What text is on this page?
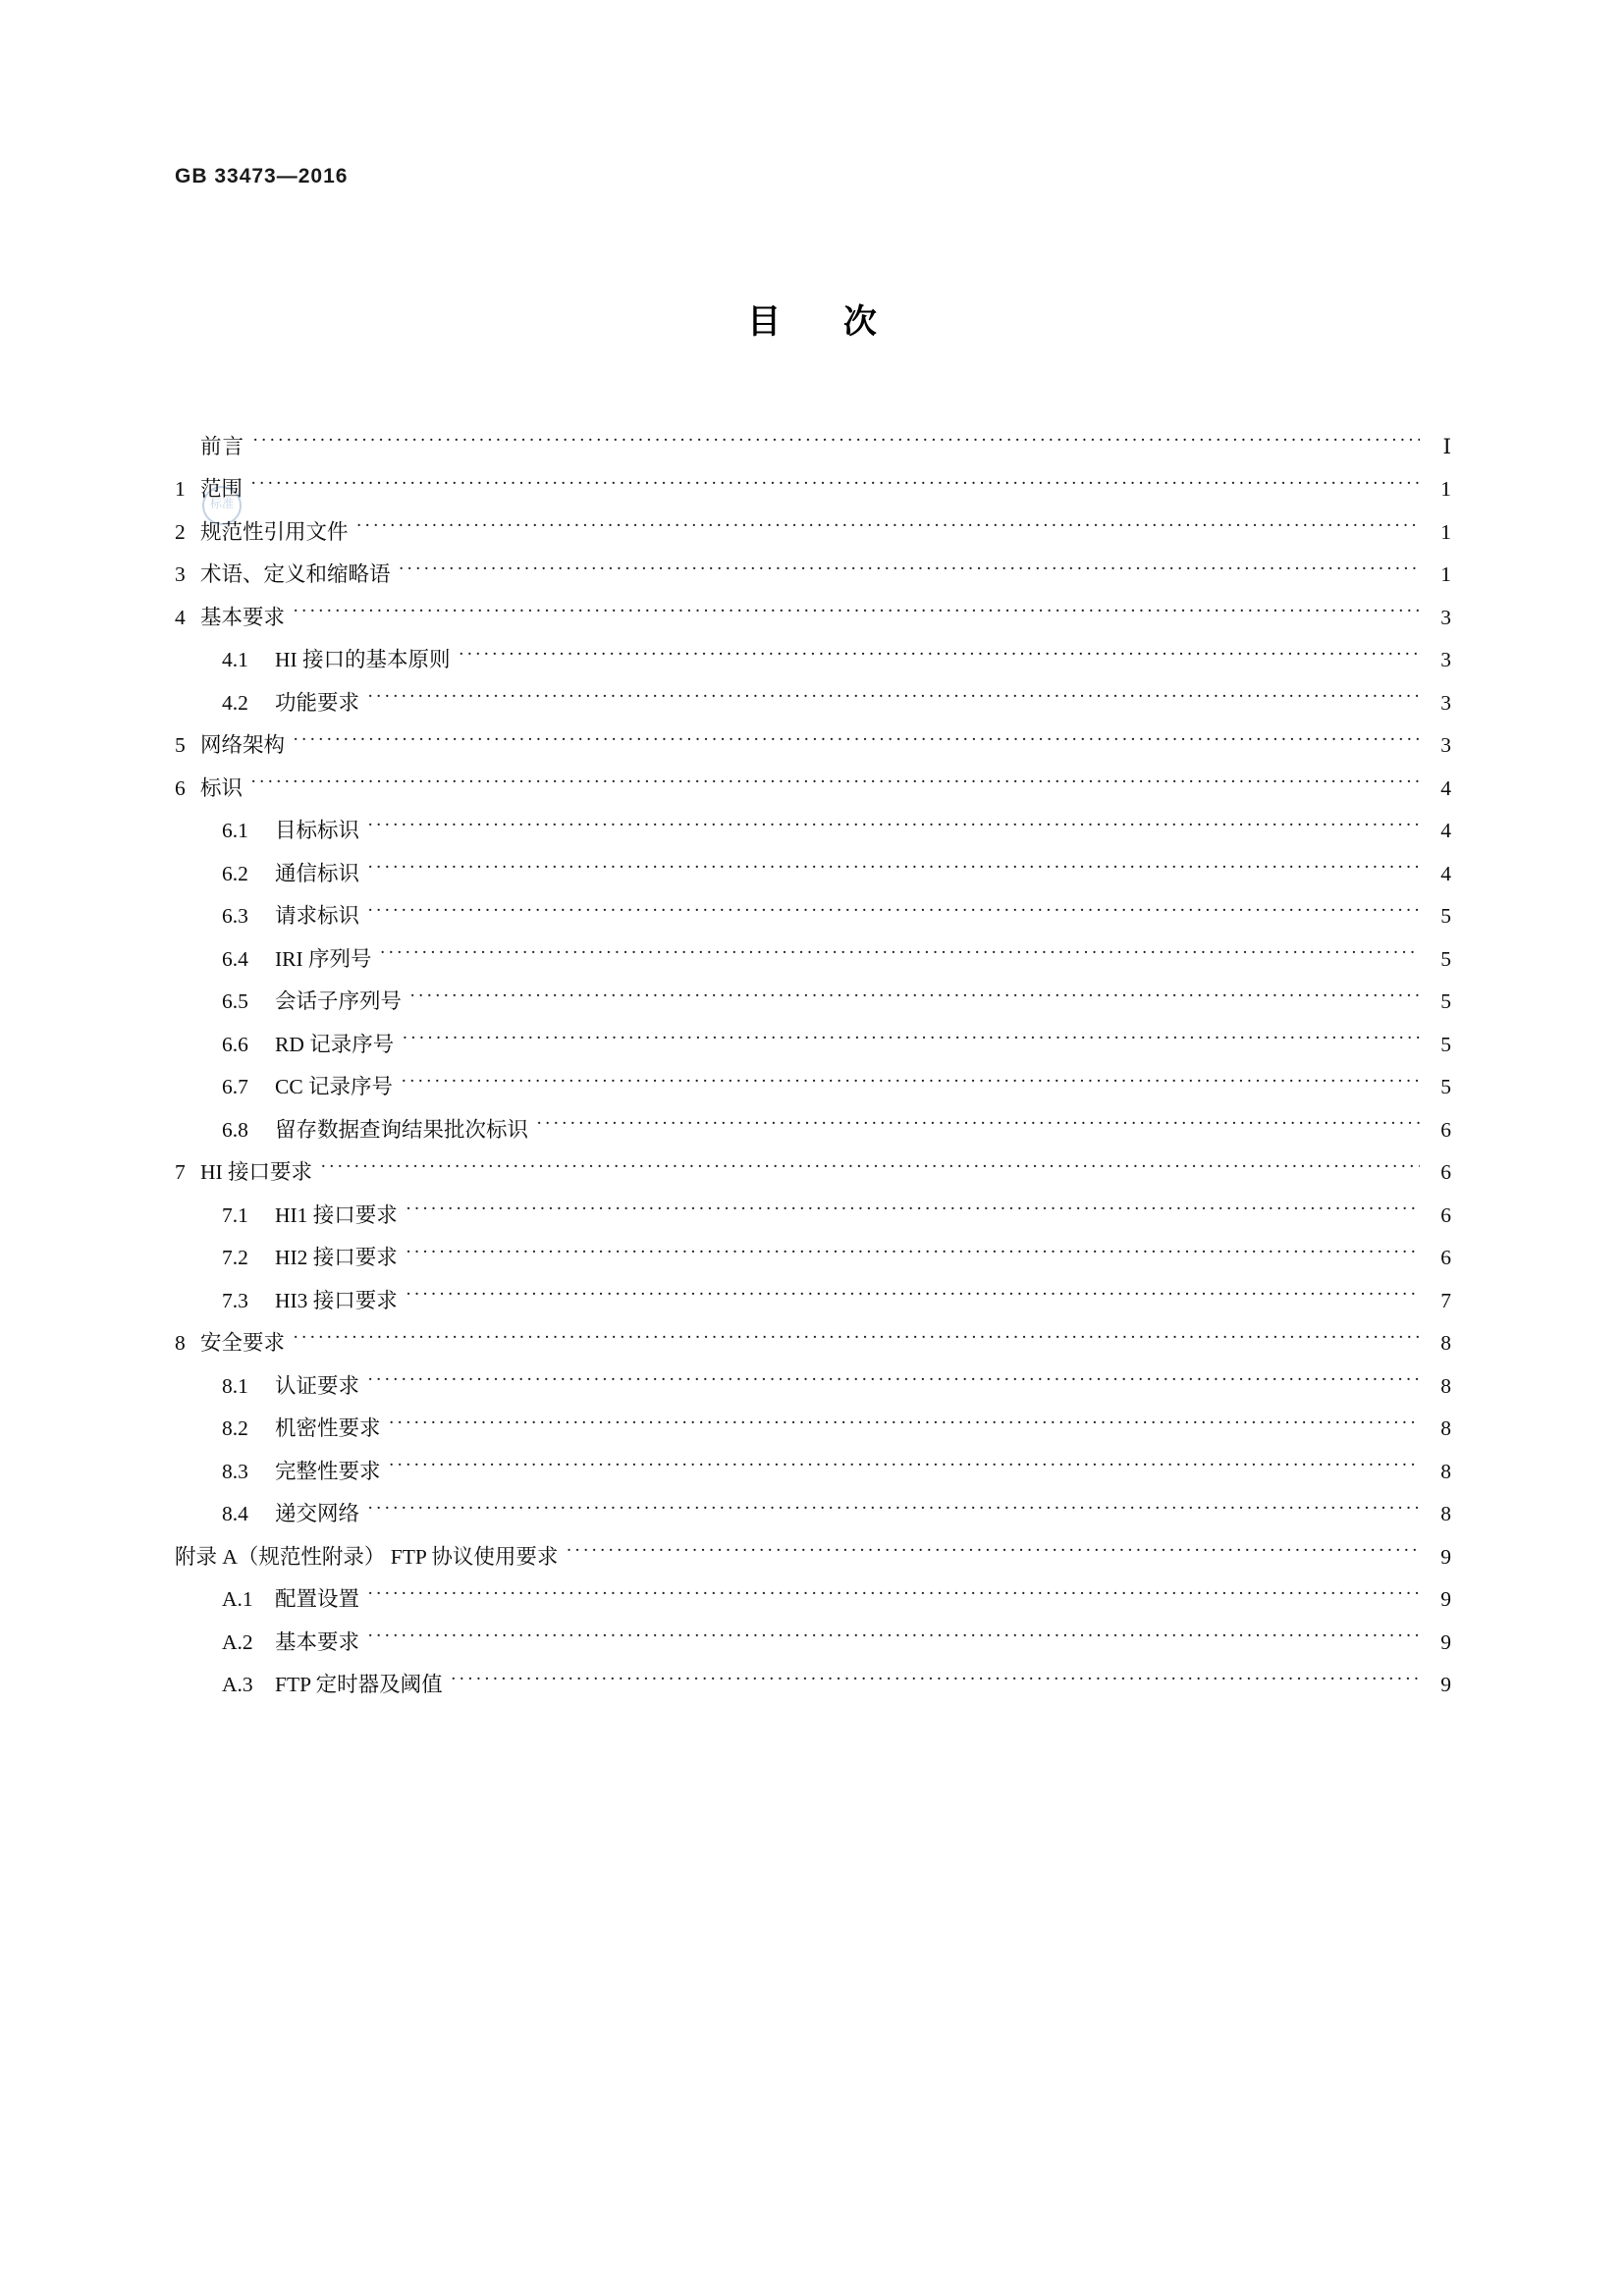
GB 33473—2016
目 次
标准
前言 ·····	Ⅰ
1 范围 ·····	1
2 规范性引用文件 ·····	1
3 术语、定义和缩略语 ·····	1
4 基本要求 ·····	3
4.1	HI 接口的基本原则 ·····	3
4.2	功能要求 ·····	3
5 网络架构 ·····	3
6 标识 ·····	4
6.1	目标标识 ·····	4
6.2	通信标识 ·····	4
6.3	请求标识 ·····	5
6.4	IRI 序列号 ·····	5
6.5	会话子序列号 ·····	5
6.6	RD 记录序号 ·····	5
6.7	CC 记录序号 ·····	5
6.8	留存数据查询结果批次标识 ·····	6
7 HI 接口要求 ·····	6
7.1	HI1 接口要求 ·····	6
7.2	HI2 接口要求 ·····	6
7.3	HI3 接口要求 ·····	7
8 安全要求 ·····	8
8.1	认证要求 ·····	8
8.2	机密性要求 ·····	8
8.3	完整性要求 ·····	8
8.4	递交网络 ·····	8
附录 A（规范性附录） FTP 协议使用要求 ·····	9
A.1	配置设置 ·····	9
A.2	基本要求 ·····	9
A.3	FTP 定时器及阈值 ·····	9
